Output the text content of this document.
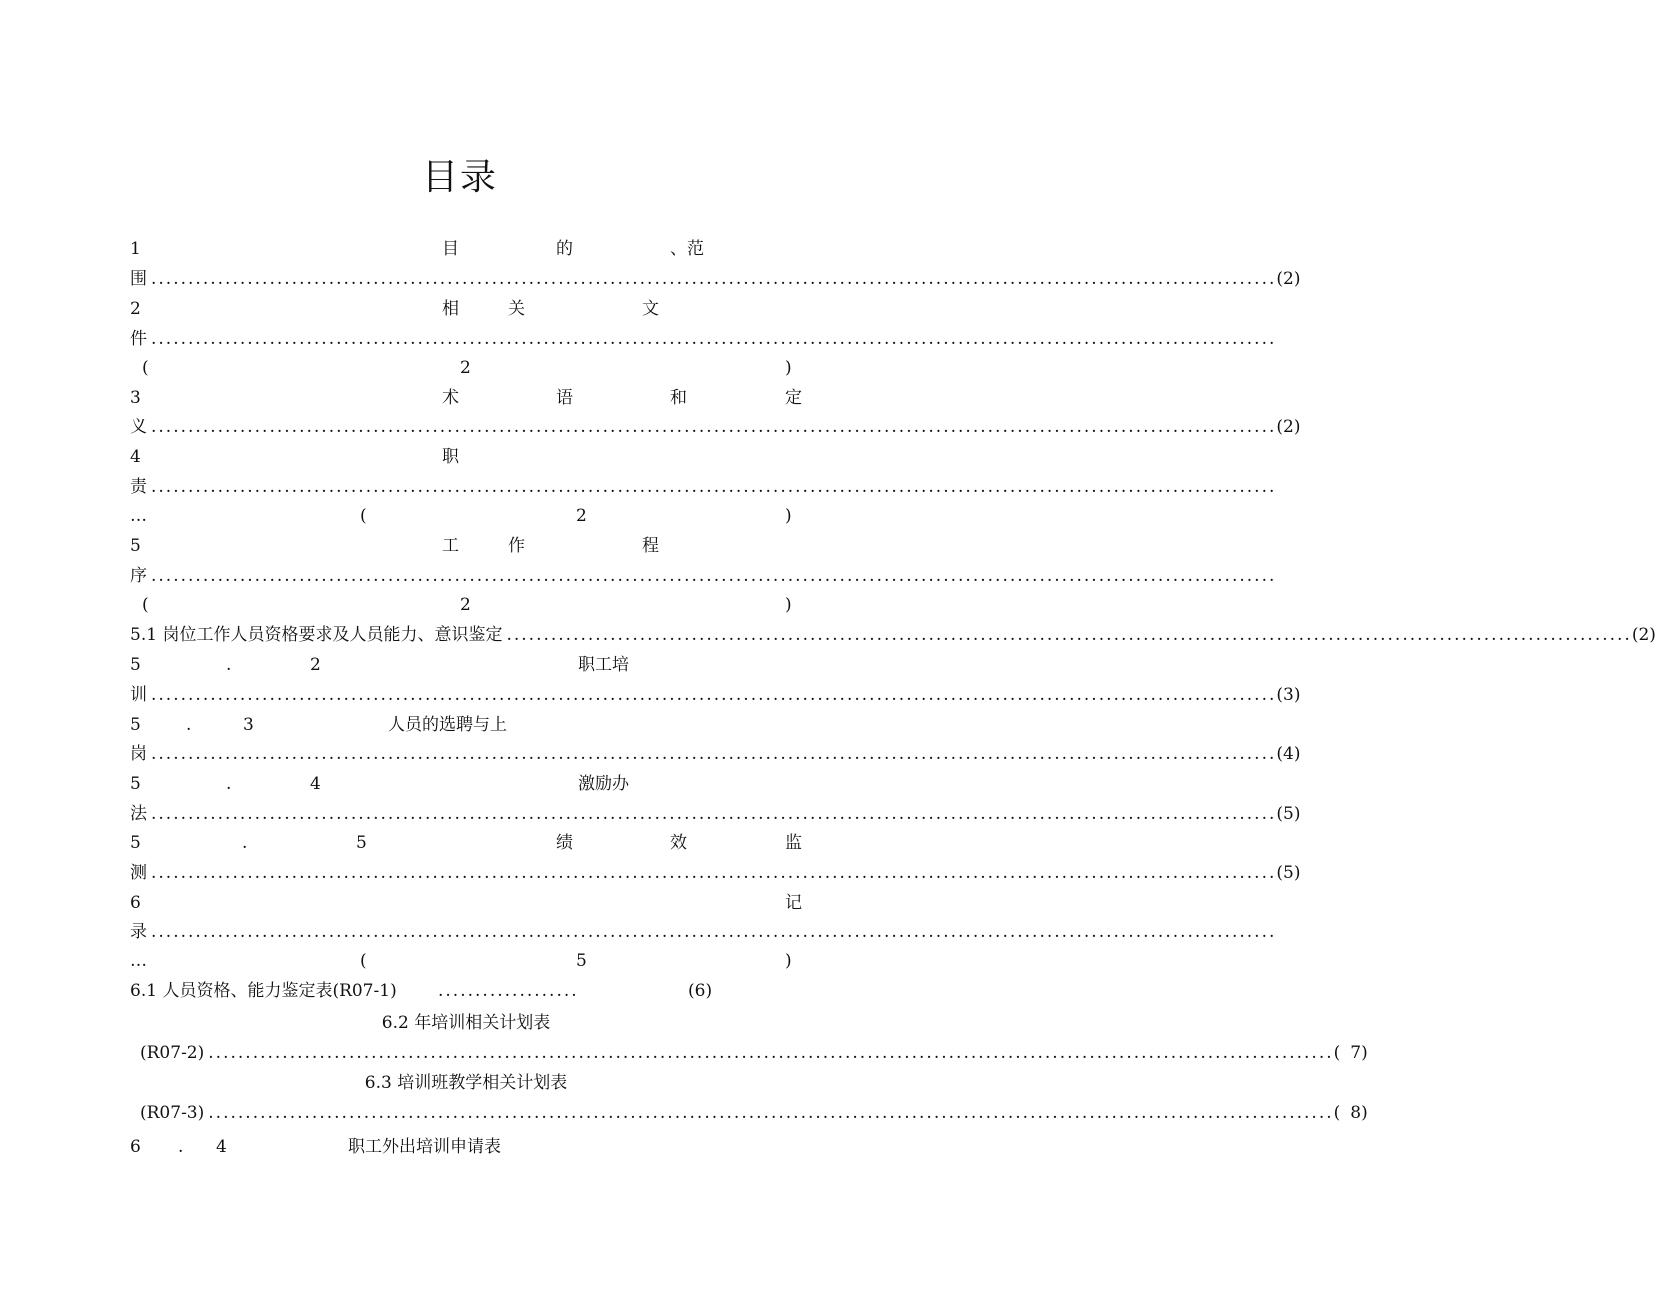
目录
1	目	的	、范
围 ........................................................................................................................................................ (2)
2	相	关	文
件 ........................................................................................................................................................
(	2	)
3	术	语	和	定
义 ........................................................................................................................................................ (2)
4	职
责 ........................................................................................................................................................
…	(	2	)
5	工	作	程
序 ........................................................................................................................................................
(	2	)
5.1 岗位工作人员资格要求及人员能力、意识鉴定 ........................................................................................................................................................ ( 2)
5	.	2	职工培
训 ........................................................................................................................................................ (3)
5	.	3	人员的选聘与上
岗 ........................................................................................................................................................ (4)
5	.	4	激励办
法 ........................................................................................................................................................ (5)
5	.	5	绩	效	监
测 ........................................................................................................................................................ (5)
6	记
录 ........................................................................................................................................................
…	(	5	)
6.1 人员资格、能力鉴定表(R07-1) ...................	(6)
6.2 年培训相关计划表
(R07-2) ........................................................................................................................................................ ( 7)
6.3 培训班教学相关计划表
(R07-3) ........................................................................................................................................................ ( 8)
6 . 4	职工外出培训申请表
